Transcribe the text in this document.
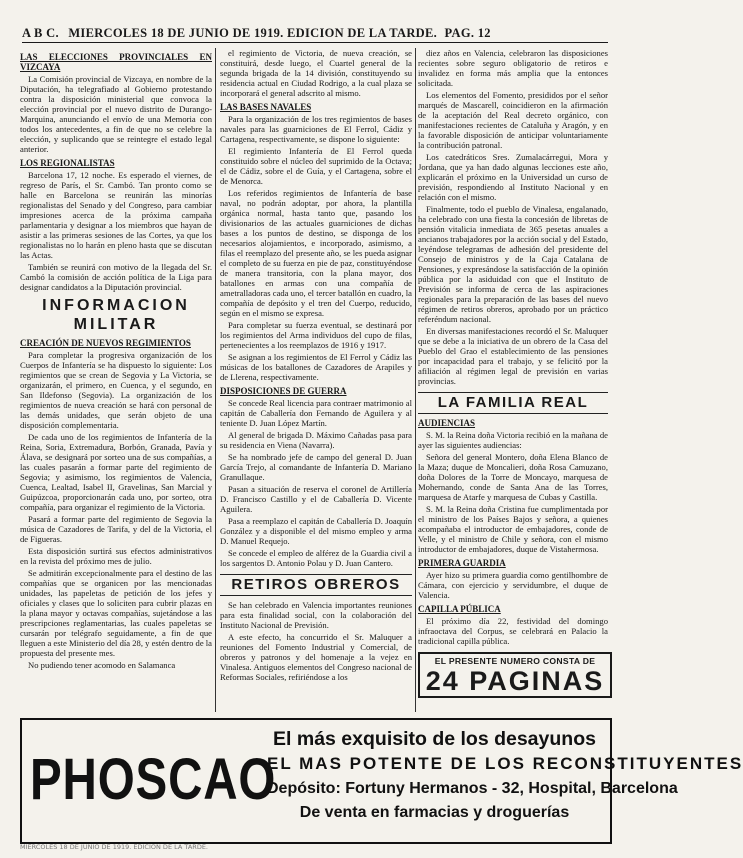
A B C. MIERCOLES 18 DE JUNIO DE 1919. EDICION DE LA TARDE. PAG. 12
LAS ELECCIONES PROVINCIALES EN VIZCAYA

La Comisión provincial de Vizcaya, en nombre de la Diputación, ha telegrafiado al Gobierno protestando contra la disposición ministerial que convoca la elección provincial por el nuevo distrito de Durango-Marquina, anunciando el envío de una Memoria con todos los antecedentes, a fin de que no se celebre la elección, y suplicando que se reintegre el estado legal anterior.

LOS REGIONALISTAS

Barcelona 17, 12 noche. Es esperado el viernes, de regreso de París, el Sr. Cambó. Tan pronto como se halle en Barcelona se reunirán las minorías regionalistas del Senado y del Congreso, para cambiar impresiones acerca de la próxima campaña parlamentaria y designar a los miembros que hayan de asistir a las primeras sesiones de las Cortes, ya que los regionalistas no lo harán en pleno hasta que se discutan las Actas.

También se reunirá con motivo de la llegada del Sr. Cambó la comisión de acción política de la Liga para designar candidatos a la Diputación provincial.

INFORMACION MILITAR
CREACIÓN DE NUEVOS REGIMIENTOS

Para completar la progresiva organización de los Cuerpos de Infantería se ha dispuesto lo siguiente: Los regimientos que se crean de Segovia y La Victoria, se organizarán, el primero, en Cuenca, y el segundo, en San Ildefonso (Segovia). La organización de los regimientos de nueva creación se hará con personal de las demás unidades, que serán objeto de una disposición complementaria.

De cada uno de los regimientos de Infantería de la Reina, Soria, Extremadura, Borbón, Granada, Pavía y Álava, se designará por sorteo una de sus compañías, a las cuales pasarán a formar parte del regimiento de Segovia; y asimismo, los regimientos de Valencia, Cuenca, Lealtad, Isabel II, Gravelinas, San Marcial y Guipúzcoa, proporcionarán cada uno, por sorteo, otra compañía, para organizar el regimiento de la Victoria.

Pasará a formar parte del regimiento de Segovia la música de Cazadores de Tarifa, y del de la Victoria, el de Figueras.

Esta disposición surtirá sus efectos administrativos en la revista del próximo mes de julio.

Se admitirán excepcionalmente para el destino de las compañías que se organicen por las mencionadas unidades, las papeletas de petición de los jefes y oficiales y clases que lo soliciten para cubrir plazas en la plana mayor y octavas compañías, sujetándose a las prescripciones reglamentarias, las cuales papeletas se cursarán por telégrafo seguidamente, a fin de que lleguen a este Ministerio del día 28, y estén dentro de la propuesta del presente mes.

No pudiendo tener acomodo en Salamanca

el regimiento de Victoria, de nueva creación, se constituirá, desde luego, el Cuartel general de la segunda brigada de la 14 división, constituyendo su residencia actual en Ciudad Rodrigo, a la cual plaza se incorporará el general adscrito al mismo.

LAS BASES NAVALES

Para la organización de los tres regimientos de bases navales para las guarniciones de El Ferrol, Cádiz y Cartagena, respectivamente, se dispone lo siguiente:

El regimiento Infantería de El Ferrol queda constituido sobre el núcleo del suprimido de la Octava; el de Cádiz, sobre el de Guía, y el Cartagena, sobre el de Menorca.

Los referidos regimientos de Infantería de base naval, no podrán adoptar, por ahora, la plantilla orgánica normal, hasta tanto que, pasando los divisionarios de las actuales guarniciones de dichas bases a los puntos de destino, se disponga de los necesarios alojamientos, e incorporado, asimismo, a filas el reemplazo del presente año, se les pueda asignar el completo de su fuerza en pie de paz, constituyéndose de manera transitoria, con la plana mayor, dos batallones en armas con una compañía de ametralladoras cada uno, el tercer batallón en cuadro, la compañía de depósito y el tren del Cuerpo, reducido, según en el mismo se expresa.

Para completar su fuerza eventual, se destinará por los regimientos del Arma individuos del cupo de filas, pertenecientes a los reemplazos de 1916 y 1917.

Se asignan a los regimientos de El Ferrol y Cádiz las músicas de los batallones de Cazadores de Arapiles y de Llerena, respectivamente.

DISPOSICIONES DE GUERRA

Se concede Real licencia para contraer matrimonio al capitán de Caballería don Fernando de Aguilera y al teniente D. Juan López Martín.

Al general de brigada D. Máximo Cañadas pasa para su residencia en Viena (Navarra).

Se ha nombrado jefe de campo del general D. Juan García Trejo, al comandante de Infantería D. Mariano Granullaque.

Pasan a situación de reserva el coronel de Artillería D. Francisco Castillo y el de Caballería D. Vicente Aguilera.

Pasa a reemplazo el capitán de Caballería D. Joaquín González y a disponible el del mismo empleo y arma D. Manuel Requejo.

Se concede el empleo de alférez de la Guardia civil a los sargentos D. Antonio Polau y D. Juan Cantero.

RETIROS OBREROS

Se han celebrado en Valencia importantes reuniones para esta finalidad social, con la colaboración del Instituto Nacional de Previsión.

A este efecto, ha concurrido el Sr. Maluquer a reuniones del Fomento Industrial y Comercial, de obreros y patronos y del homenaje a la vejez en Vinalesa. Antiguos elementos del Congreso nacional de Reformas Sociales, refiriéndose a los

diez años en Valencia, celebraron las disposiciones recientes sobre seguro obligatorio de retiros e invalidez en forma más amplia que la entonces solicitada.

Los elementos del Fomento, presididos por el señor marqués de Mascarell, coincidieron en la afirmación de la aceptación del Real decreto orgánico, con manifestaciones recientes de Cataluña y Aragón, y en la favorable disposición de anticipar voluntariamente la contribución patronal.

Los catedráticos Sres. Zumalacárregui, Mora y Jordana, que ya han dado algunas lecciones este año, explicarán el próximo en la Universidad un curso de previsión, respondiendo al Instituto Nacional y en relación con el mismo.

Finalmente, todo el pueblo de Vinalesa, engalanado, ha celebrado con una fiesta la concesión de libretas de pensión vitalicia inmediata de 365 pesetas anuales a ancianos trabajadores por la acción social y del Estado, leyéndose telegramas de adhesión del presidente del Consejo de ministros y de la Caja Catalana de Pensiones, y expresándose la satisfacción de la opinión pública por la asiduidad con que el Instituto de Previsión se informa de cerca de las aspiraciones regionales para la preparación de las bases del nuevo régimen de retiros obreros, aprobado por un práctico referéndum nacional.

En diversas manifestaciones recordó el Sr. Maluquer que se debe a la iniciativa de un obrero de la Casa del Pueblo del Grao el establecimiento de las pensiones por incapacidad para el trabajo, y se felicitó por la afiliación al régimen legal de previsión en varias provincias.

LA FAMILIA REAL
AUDIENCIAS

S. M. la Reina doña Victoria recibió en la mañana de ayer las siguientes audiencias:

Señora del general Montero, doña Elena Blanco de la Maza; duque de Moncalieri, doña Rosa Camuzano, doña Dolores de la Torre de Moncayo, marquesa de Mohernando, conde de Santa Ana de las Torres, marquesa de Atarfe y marquesa de Cubas y Castilla.

S. M. la Reina doña Cristina fue cumplimentada por el ministro de los Países Bajos y señora, a quienes acompañaba el introductor de embajadores, conde de Velle, y el ministro de Chile y señora, con el mismo introductor de embajadores, duque de Vistahermosa.

PRIMERA GUARDIA

Ayer hizo su primera guardia como gentilhombre de Cámara, con ejercicio y servidumbre, el duque de Valencia.

CAPILLA PÚBLICA

El próximo día 22, festividad del domingo infraoctava del Corpus, se celebrará en Palacio la tradicional capilla pública.

EL PRESENTE NUMERO CONSTA DE
24 PAGINAS
PHOSCAO
El más exquisito de los desayunos
EL MAS POTENTE DE LOS RECONSTITUYENTES
Depósito: Fortuny Hermanos - 32, Hospital, Barcelona
De venta en farmacias y droguerías
MIERCOLES 18 DE JUNIO DE 1919. EDICION DE LA TARDE.
